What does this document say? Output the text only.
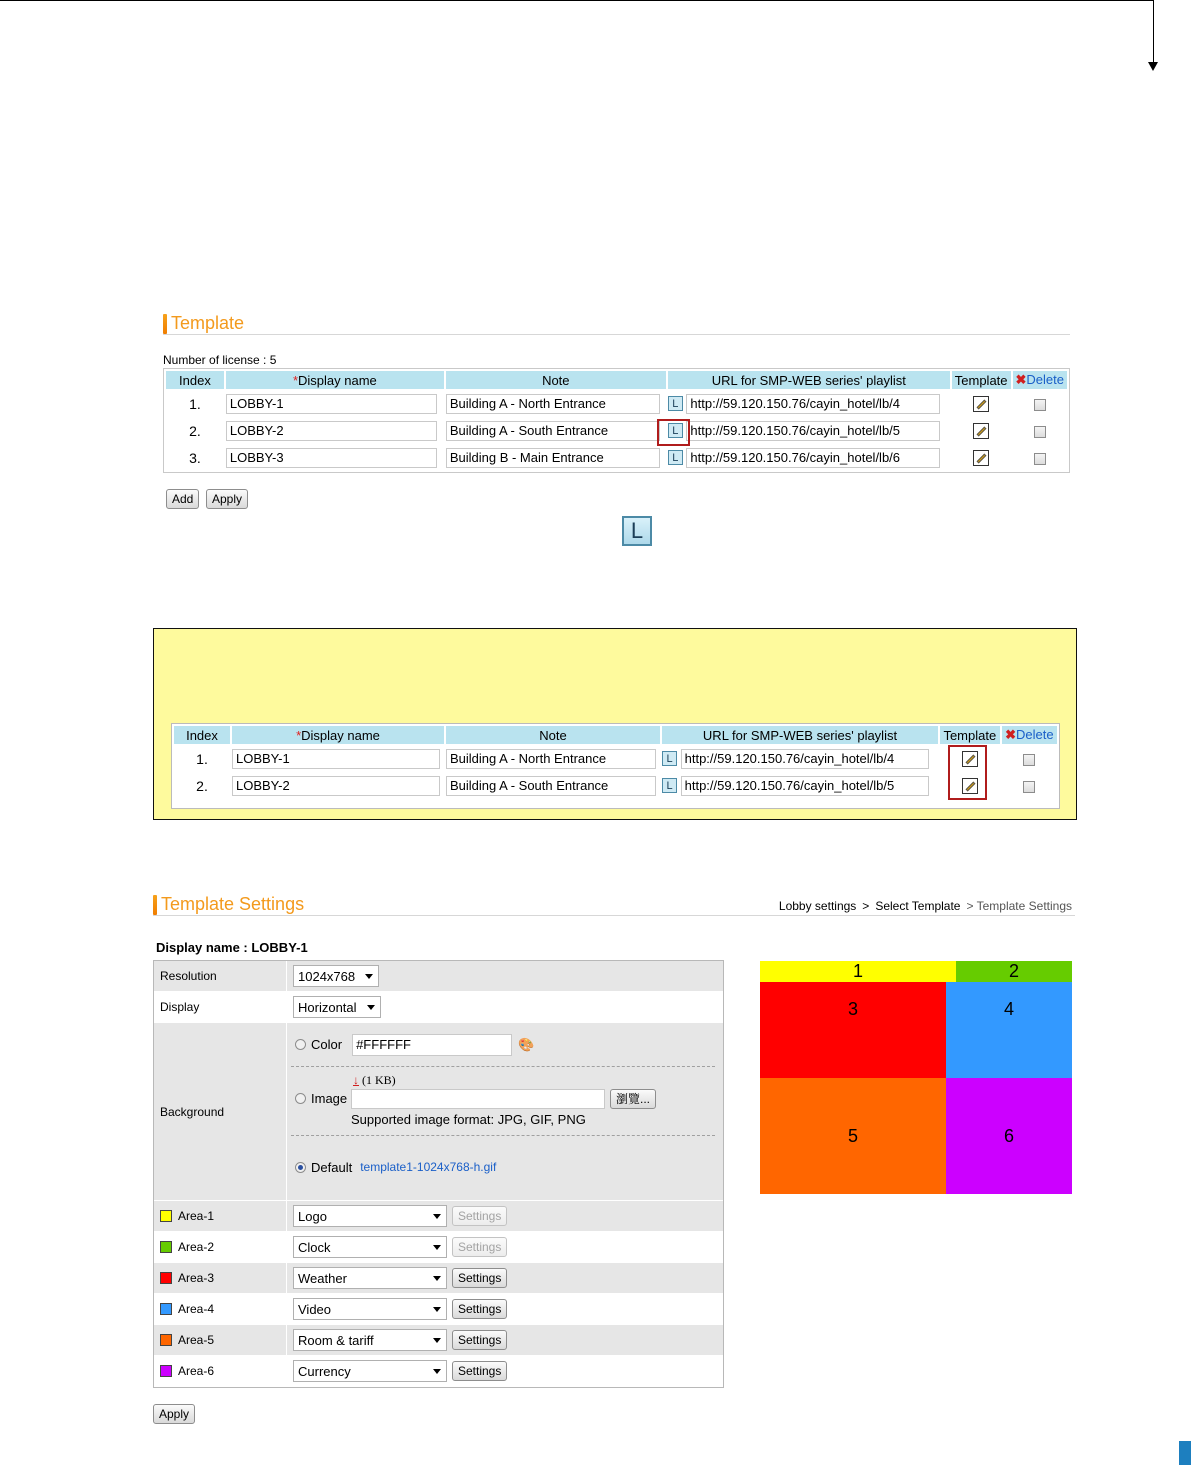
Template
Number of license : 5
Index	*Display name	Note	URL for SMP-WEB series' playlist	Template	✖Delete
1.	LOBBY-1	Building A - North Entrance	L http://59.120.150.76/cayin_hotel/lb/4		
2.	LOBBY-2	Building A - South Entrance	L http://59.120.150.76/cayin_hotel/lb/5		
3.	LOBBY-3	Building B - Main Entrance	L http://59.120.150.76/cayin_hotel/lb/6		
Add Apply
L
Index	*Display name	Note	URL for SMP-WEB series' playlist	Template	✖Delete
1.	LOBBY-1	Building A - North Entrance	L http://59.120.150.76/cayin_hotel/lb/4		
2.	LOBBY-2	Building A - South Entrance	L http://59.120.150.76/cayin_hotel/lb/5		
Template Settings	Lobby settings > Select Template > Template Settings
Display name : LOBBY-1
Resolution	1024x768
Display	Horizontal
Background
Color	#FFFFFF	🎨
↓ (1 KB)
Image	瀏覽...
Supported image format: JPG, GIF, PNG
Default template1-1024x768-h.gif
Area-1	Logo	Settings
Area-2	Clock	Settings
Area-3	Weather	Settings
Area-4	Video	Settings
Area-5	Room & tariff	Settings
Area-6	Currency	Settings
Apply
1	2
3	4
5	6
